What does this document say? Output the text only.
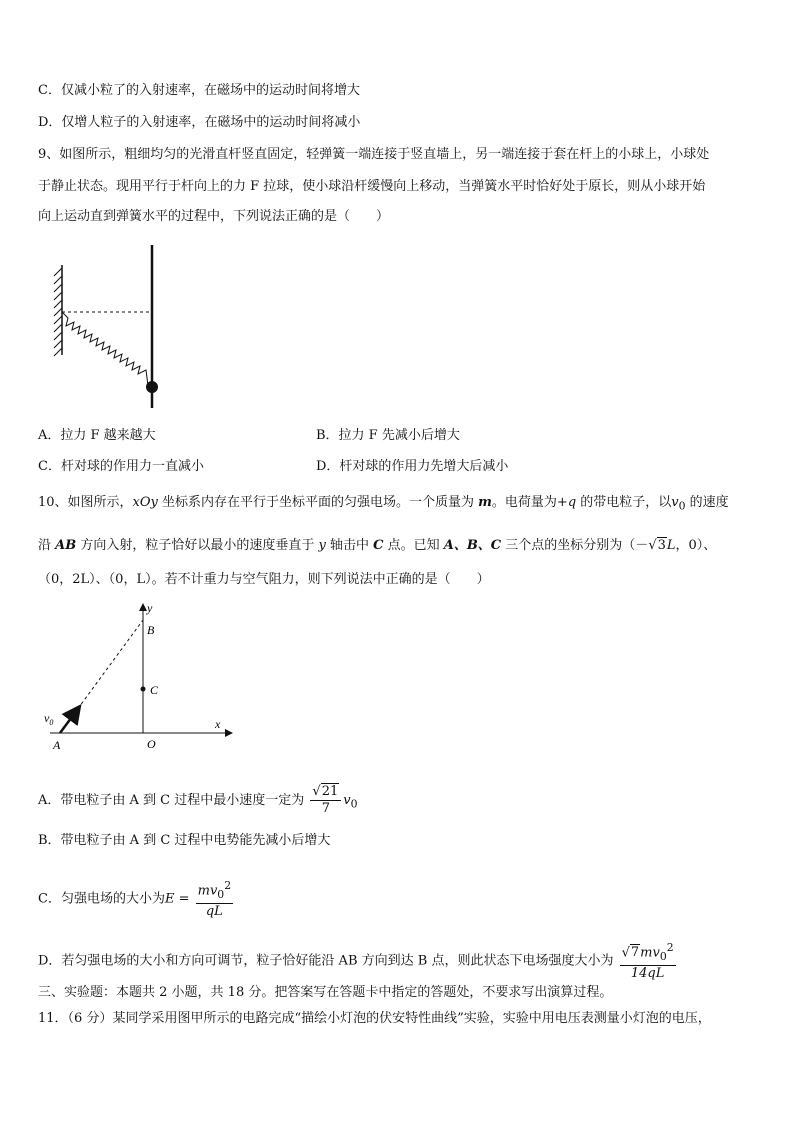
C．仅减小粒了的入射速率，在磁场中的运动时间将增大
D．仅增人粒子的入射速率，在磁场中的运动时间将减小
9、如图所示，粗细均匀的光滑直杆竖直固定，轻弹簧一端连接于竖直墙上，另一端连接于套在杆上的小球上，小球处
于静止状态。现用平行于杆向上的力 F 拉球，使小球沿杆缓慢向上移动，当弹簧水平时恰好处于原长，则从小球开始
向上运动直到弹簧水平的过程中，下列说法正确的是（　　）
A．拉力 F 越来越大	B．拉力 F 先减小后增大
C．杆对球的作用力一直减小	D．杆对球的作用力先增大后减小
10、如图所示，xOy 坐标系内存在平行于坐标平面的匀强电场。一个质量为 m。电荷量为+q 的带电粒子，以$v_0$ 的速度
沿 AB 方向入射，粒子恰好以最小的速度垂直于 y 轴击中 C 点。已知 A、B、C 三个点的坐标分别为（－√3L，0）、
（0，2L）、（0，L）。若不计重力与空气阻力，则下列说法中正确的是（　　）
y
x
B
C
O
A
$v_0$
A．带电粒子由 A 到 C 过程中最小速度一定为 $\frac{√21}{7} v_0$
B．带电粒子由 A 到 C 过程中电势能先减小后增大
C．匀强电场的大小为$E = \frac{mv_0^2}{qL}$
D．若匀强电场的大小和方向可调节，粒子恰好能沿 AB 方向到达 B 点，则此状态下电场强度大小为 $\frac{√7mv_0^2}{14qL}$
三、实验题：本题共 2 小题，共 18 分。把答案写在答题卡中指定的答题处，不要求写出演算过程。
11．（6 分）某同学采用图甲所示的电路完成“描绘小灯泡的伏安特性曲线”实验，实验中用电压表测量小灯泡的电压，
